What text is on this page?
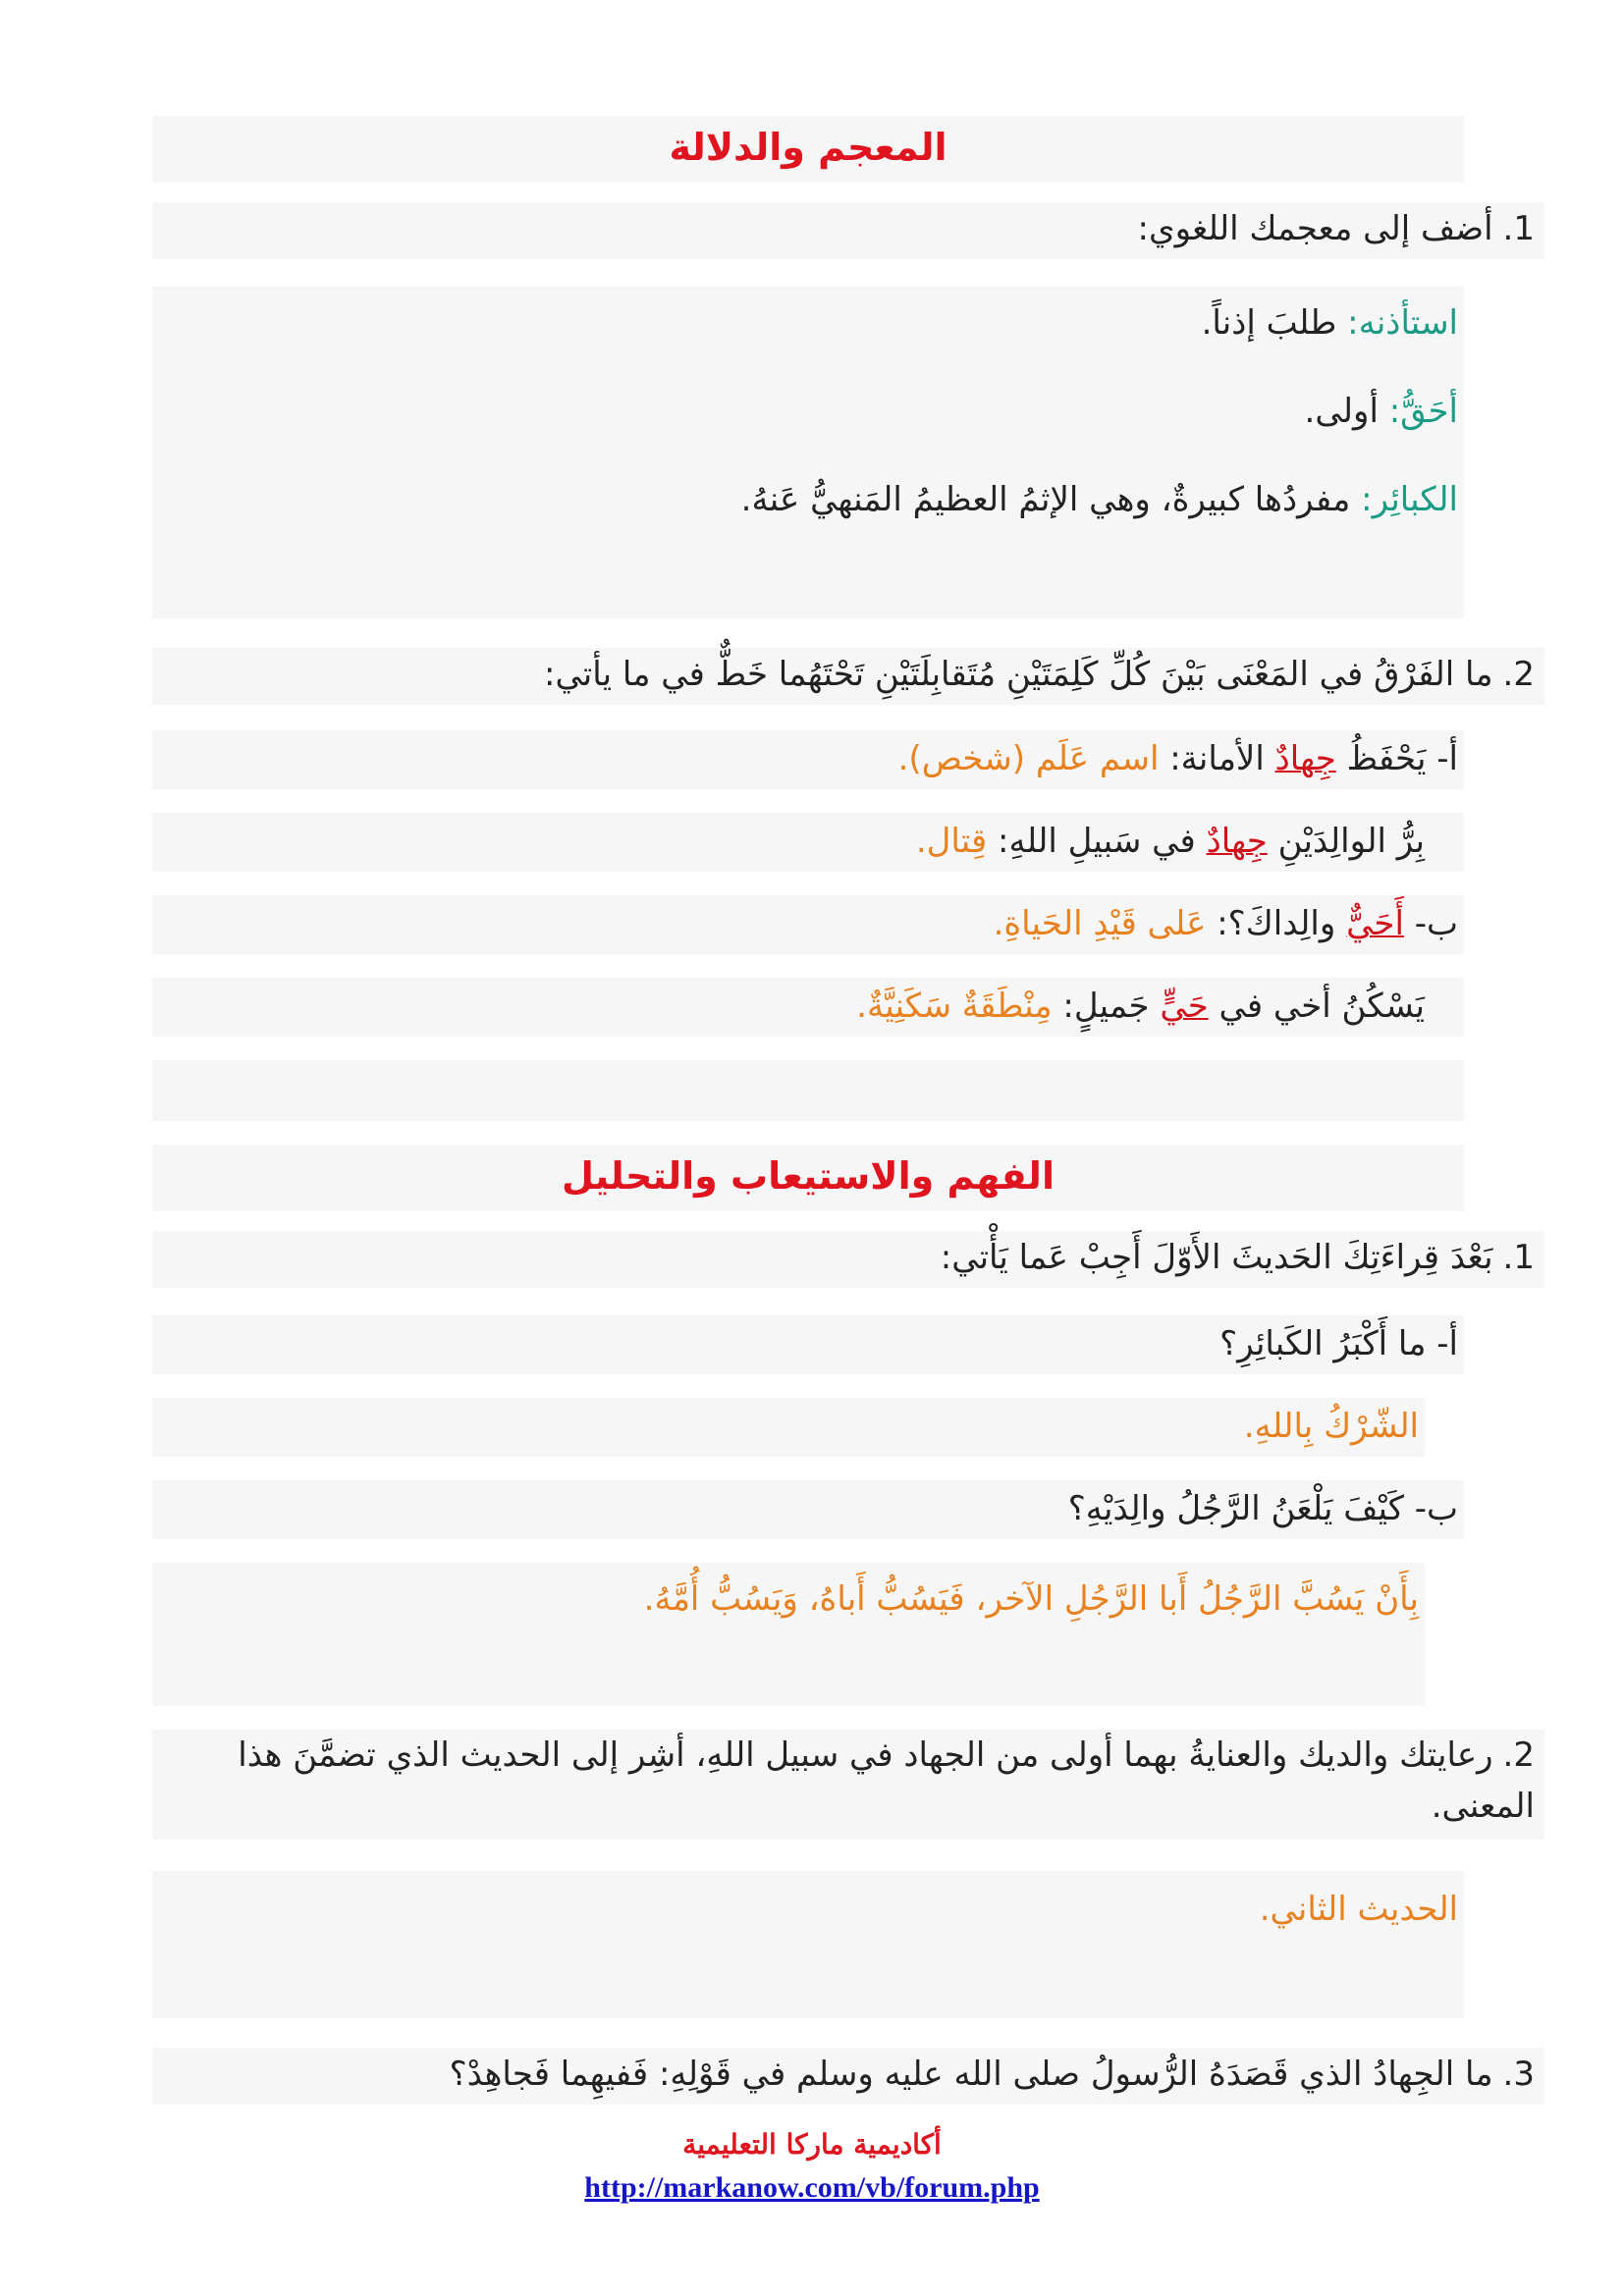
المعجم والدلالة
1.أضف إلى معجمك اللغوي:
استأذنه: طلبَ إذناً.
أحَقُّ: أولى.
الكبائِر: مفردُها كبيرةٌ، وهي الإثمُ العظيمُ المَنهيُّ عَنهُ.
2.ما الفَرْقُ في المَعْنَى بَيْنَ كُلِّ كَلِمَتَيْنِ مُتَقابِلَتَيْنِ تَحْتَهُما خَطٌّ في ما يأتي:
أ- يَحْفَظُ جِهادٌ الأمانة: اسم عَلَم (شخص).
بِرُّ الوالِدَيْنِ جِهادٌ في سَبيلِ اللهِ: قِتال.
ب- أَحَيٌّ والِداكَ؟: عَلى قَيْدِ الحَياةِ.
يَسْكُنُ أخي في حَيٍّ جَميلٍ: مِنْطَقَةٌ سَكَنِيَّةٌ.
الفهم والاستيعاب والتحليل
1.بَعْدَ قِراءَتِكَ الحَديثَ الأَوّلَ أَجِبْ عَما يَأْتي:
أ- ما أَكْبَرُ الكَبائِرِ؟
الشّرْكُ بِاللهِ.
ب- كَيْفَ يَلْعَنُ الرَّجُلُ والِدَيْهِ؟
بِأَنْ يَسُبَّ الرَّجُلُ أَبا الرَّجُلِ الآخر، فَيَسُبُّ أَباهُ، وَيَسُبُّ أُمَّهُ.
2.رعايتك والديك والعنايةُ بهما أولى من الجهاد في سبيل اللهِ، أشِر إلى الحديث الذي تضمَّنَ هذا المعنى.
الحديث الثاني.
3.ما الجِهادُ الذي قَصَدَهُ الرُّسولُ صلى الله عليه وسلم في قَوْلِهِ: فَفيهِما فَجاهِدْ؟
أكاديمية ماركا التعليمية
http://markanow.com/vb/forum.php
